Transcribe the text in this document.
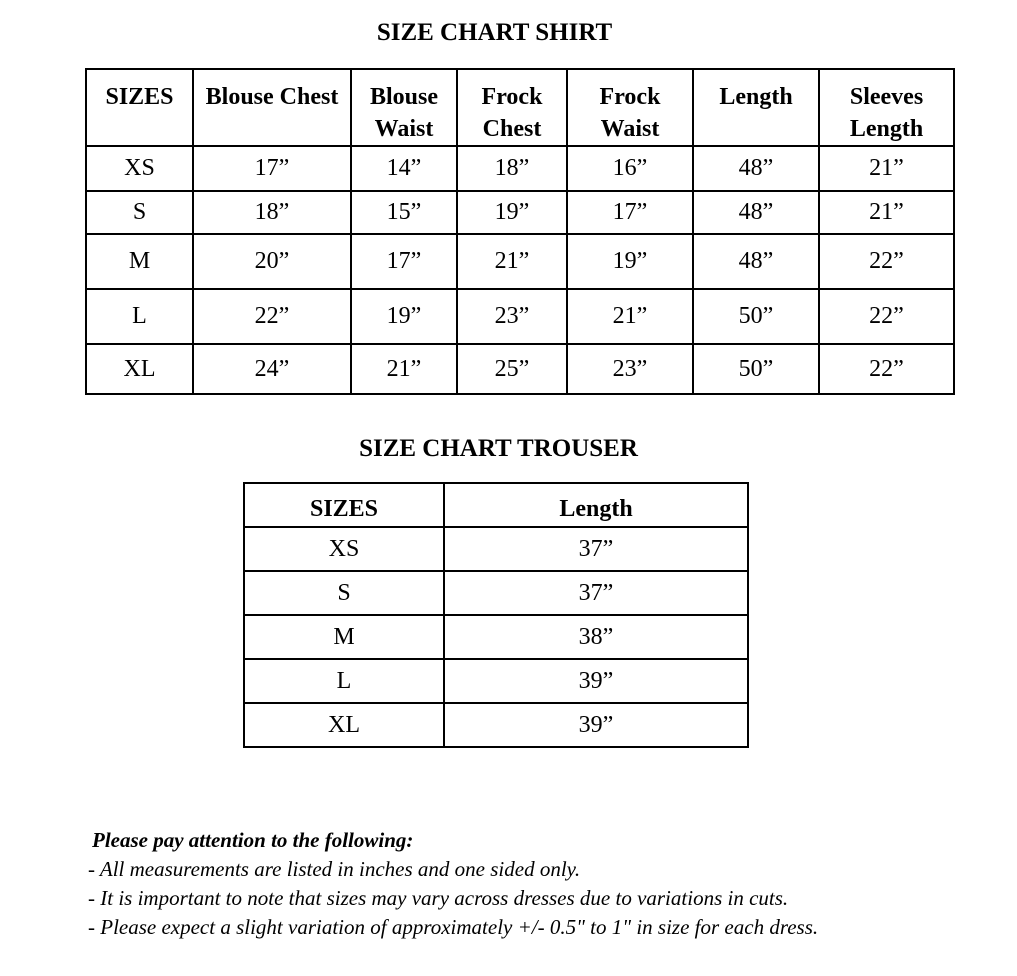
SIZE CHART SHIRT
SIZES	Blouse Chest	Blouse Waist	Frock Chest	Frock Waist	Length	Sleeves Length
XS	17”	14”	18”	16”	48”	21”
S	18”	15”	19”	17”	48”	21”
M	20”	17”	21”	19”	48”	22”
L	22”	19”	23”	21”	50”	22”
XL	24”	21”	25”	23”	50”	22”
SIZE CHART TROUSER
SIZES	Length
XS	37”
S	37”
M	38”
L	39”
XL	39”
Please pay attention to the following:
- All measurements are listed in inches and one sided only.
- It is important to note that sizes may vary across dresses due to variations in cuts.
- Please expect a slight variation of approximately +/- 0.5" to 1" in size for each dress.
